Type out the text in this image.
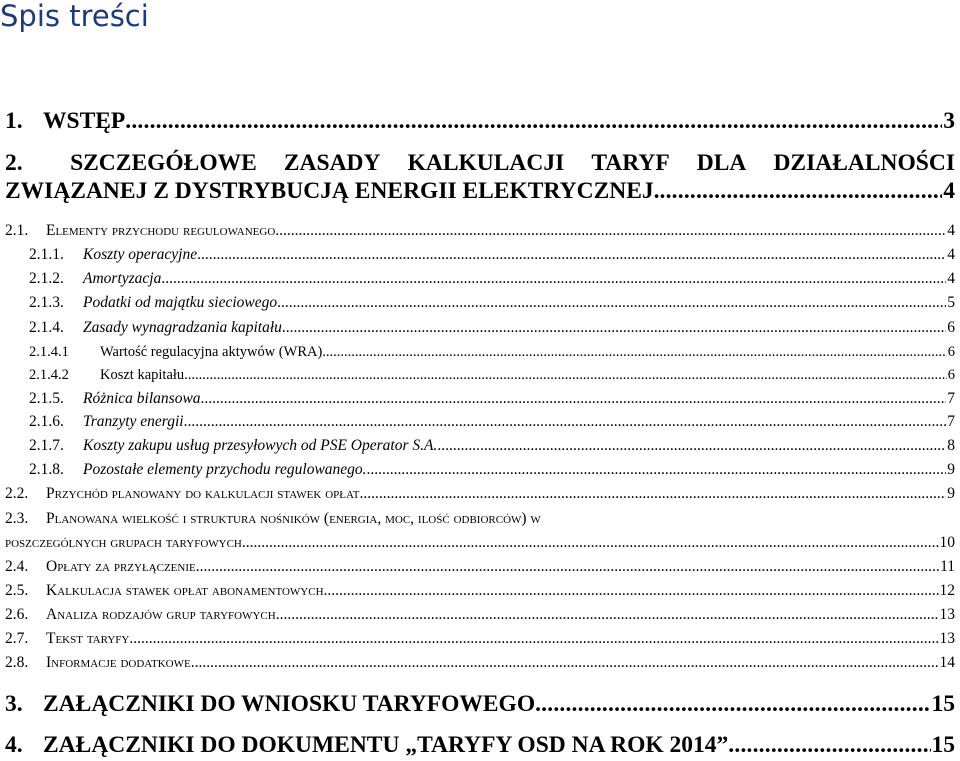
Spis treści
1. WSTĘP .....	3
2.	SZCZEGÓŁOWE ZASADY KALKULACJI TARYF DLA DZIAŁALNOŚCI
ZWIĄZANEJ Z DYSTRYBUCJĄ ENERGII ELEKTRYCZNEJ. .....	4
2.1.	Elementy przychodu regulowanego. .....	4
2.1.1.	Koszty operacyjne .....	4
2.1.2.	Amortyzacja .....	4
2.1.3.	Podatki od majątku sieciowego .....	5
2.1.4.	Zasady wynagradzania kapitału .....	6
2.1.4.1	Wartość regulacyjna aktywów (WRA) .....	6
2.1.4.2	Koszt kapitału .....	6
2.1.5.	Różnica bilansowa .....	7
2.1.6.	Tranzyty energii .....	7
2.1.7.	Koszty zakupu usług przesyłowych od PSE Operator S.A. .....	8
2.1.8.	Pozostałe elementy przychodu regulowanego. .....	9
2.2.	Przychód planowany do kalkulacji stawek opłat. .....	9
2.3. Planowana wielkość i struktura nośników (energia, moc, ilość odbiorców) w
poszczególnych grupach taryfowych. .....	10
2.4.	Opłaty za przyłączenie .....	11
2.5.	Kalkulacja stawek opłat abonamentowych .....	12
2.6.	Analiza rodzajów grup taryfowych. .....	13
2.7.	Tekst taryfy .....	13
2.8.	Informacje dodatkowe .....	14
3. ZAŁĄCZNIKI DO WNIOSKU TARYFOWEGO .....	15
4. ZAŁĄCZNIKI DO DOKUMENTU „TARYFY OSD NA ROK 2014” .....	15
